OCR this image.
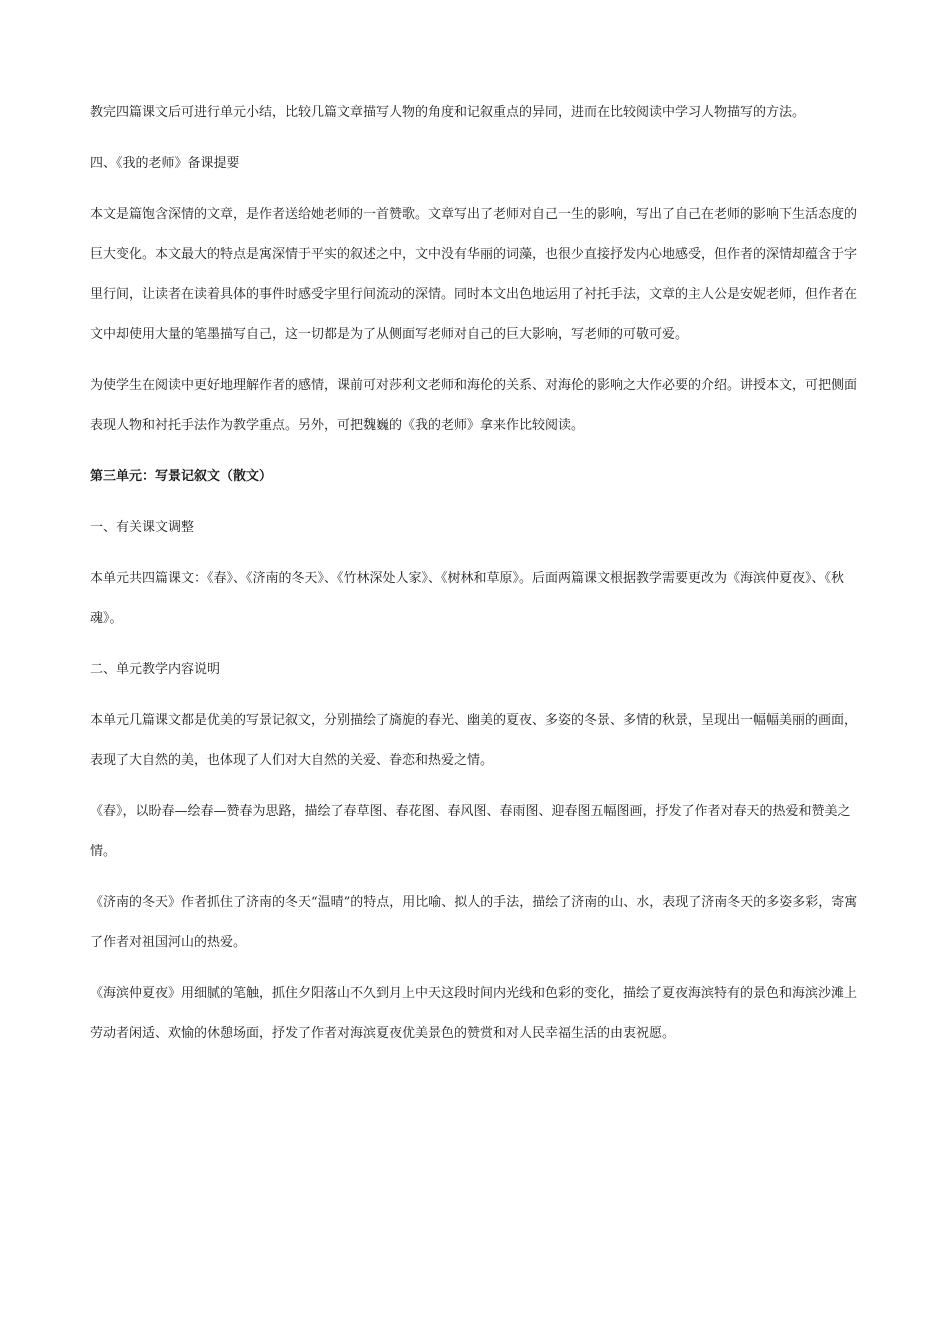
教完四篇课文后可进行单元小结，比较几篇文章描写人物的角度和记叙重点的异同，进而在比较阅读中学习人物描写的方法。

四、《我的老师》备课提要

本文是篇饱含深情的文章，是作者送给她老师的一首赞歌。文章写出了老师对自己一生的影响，写出了自己在老师的影响下生活态度的巨大变化。本文最大的特点是寓深情于平实的叙述之中，文中没有华丽的词藻，也很少直接抒发内心地感受，但作者的深情却蕴含于字里行间，让读者在读着具体的事件时感受字里行间流动的深情。同时本文出色地运用了衬托手法，文章的主人公是安妮老师，但作者在文中却使用大量的笔墨描写自己，这一切都是为了从侧面写老师对自己的巨大影响，写老师的可敬可爱。

为使学生在阅读中更好地理解作者的感情，课前可对莎利文老师和海伦的关系、对海伦的影响之大作必要的介绍。讲授本文，可把侧面表现人物和衬托手法作为教学重点。另外，可把魏巍的《我的老师》拿来作比较阅读。

第三单元：写景记叙文（散文）

一、有关课文调整

本单元共四篇课文：《春》、《济南的冬天》、《竹林深处人家》、《树林和草原》。后面两篇课文根据教学需要更改为《海滨仲夏夜》、《秋魂》。

二、单元教学内容说明

本单元几篇课文都是优美的写景记叙文，分别描绘了旖旎的春光、幽美的夏夜、多姿的冬景、多情的秋景，呈现出一幅幅美丽的画面，表现了大自然的美，也体现了人们对大自然的关爱、眷恋和热爱之情。

《春》，以盼春—绘春—赞春为思路，描绘了春草图、春花图、春风图、春雨图、迎春图五幅图画，抒发了作者对春天的热爱和赞美之情。

《济南的冬天》作者抓住了济南的冬天“温晴”的特点，用比喻、拟人的手法，描绘了济南的山、水，表现了济南冬天的多姿多彩，寄寓了作者对祖国河山的热爱。

《海滨仲夏夜》用细腻的笔触，抓住夕阳落山不久到月上中天这段时间内光线和色彩的变化，描绘了夏夜海滨特有的景色和海滨沙滩上劳动者闲适、欢愉的休憩场面，抒发了作者对海滨夏夜优美景色的赞赏和对人民幸福生活的由衷祝愿。
